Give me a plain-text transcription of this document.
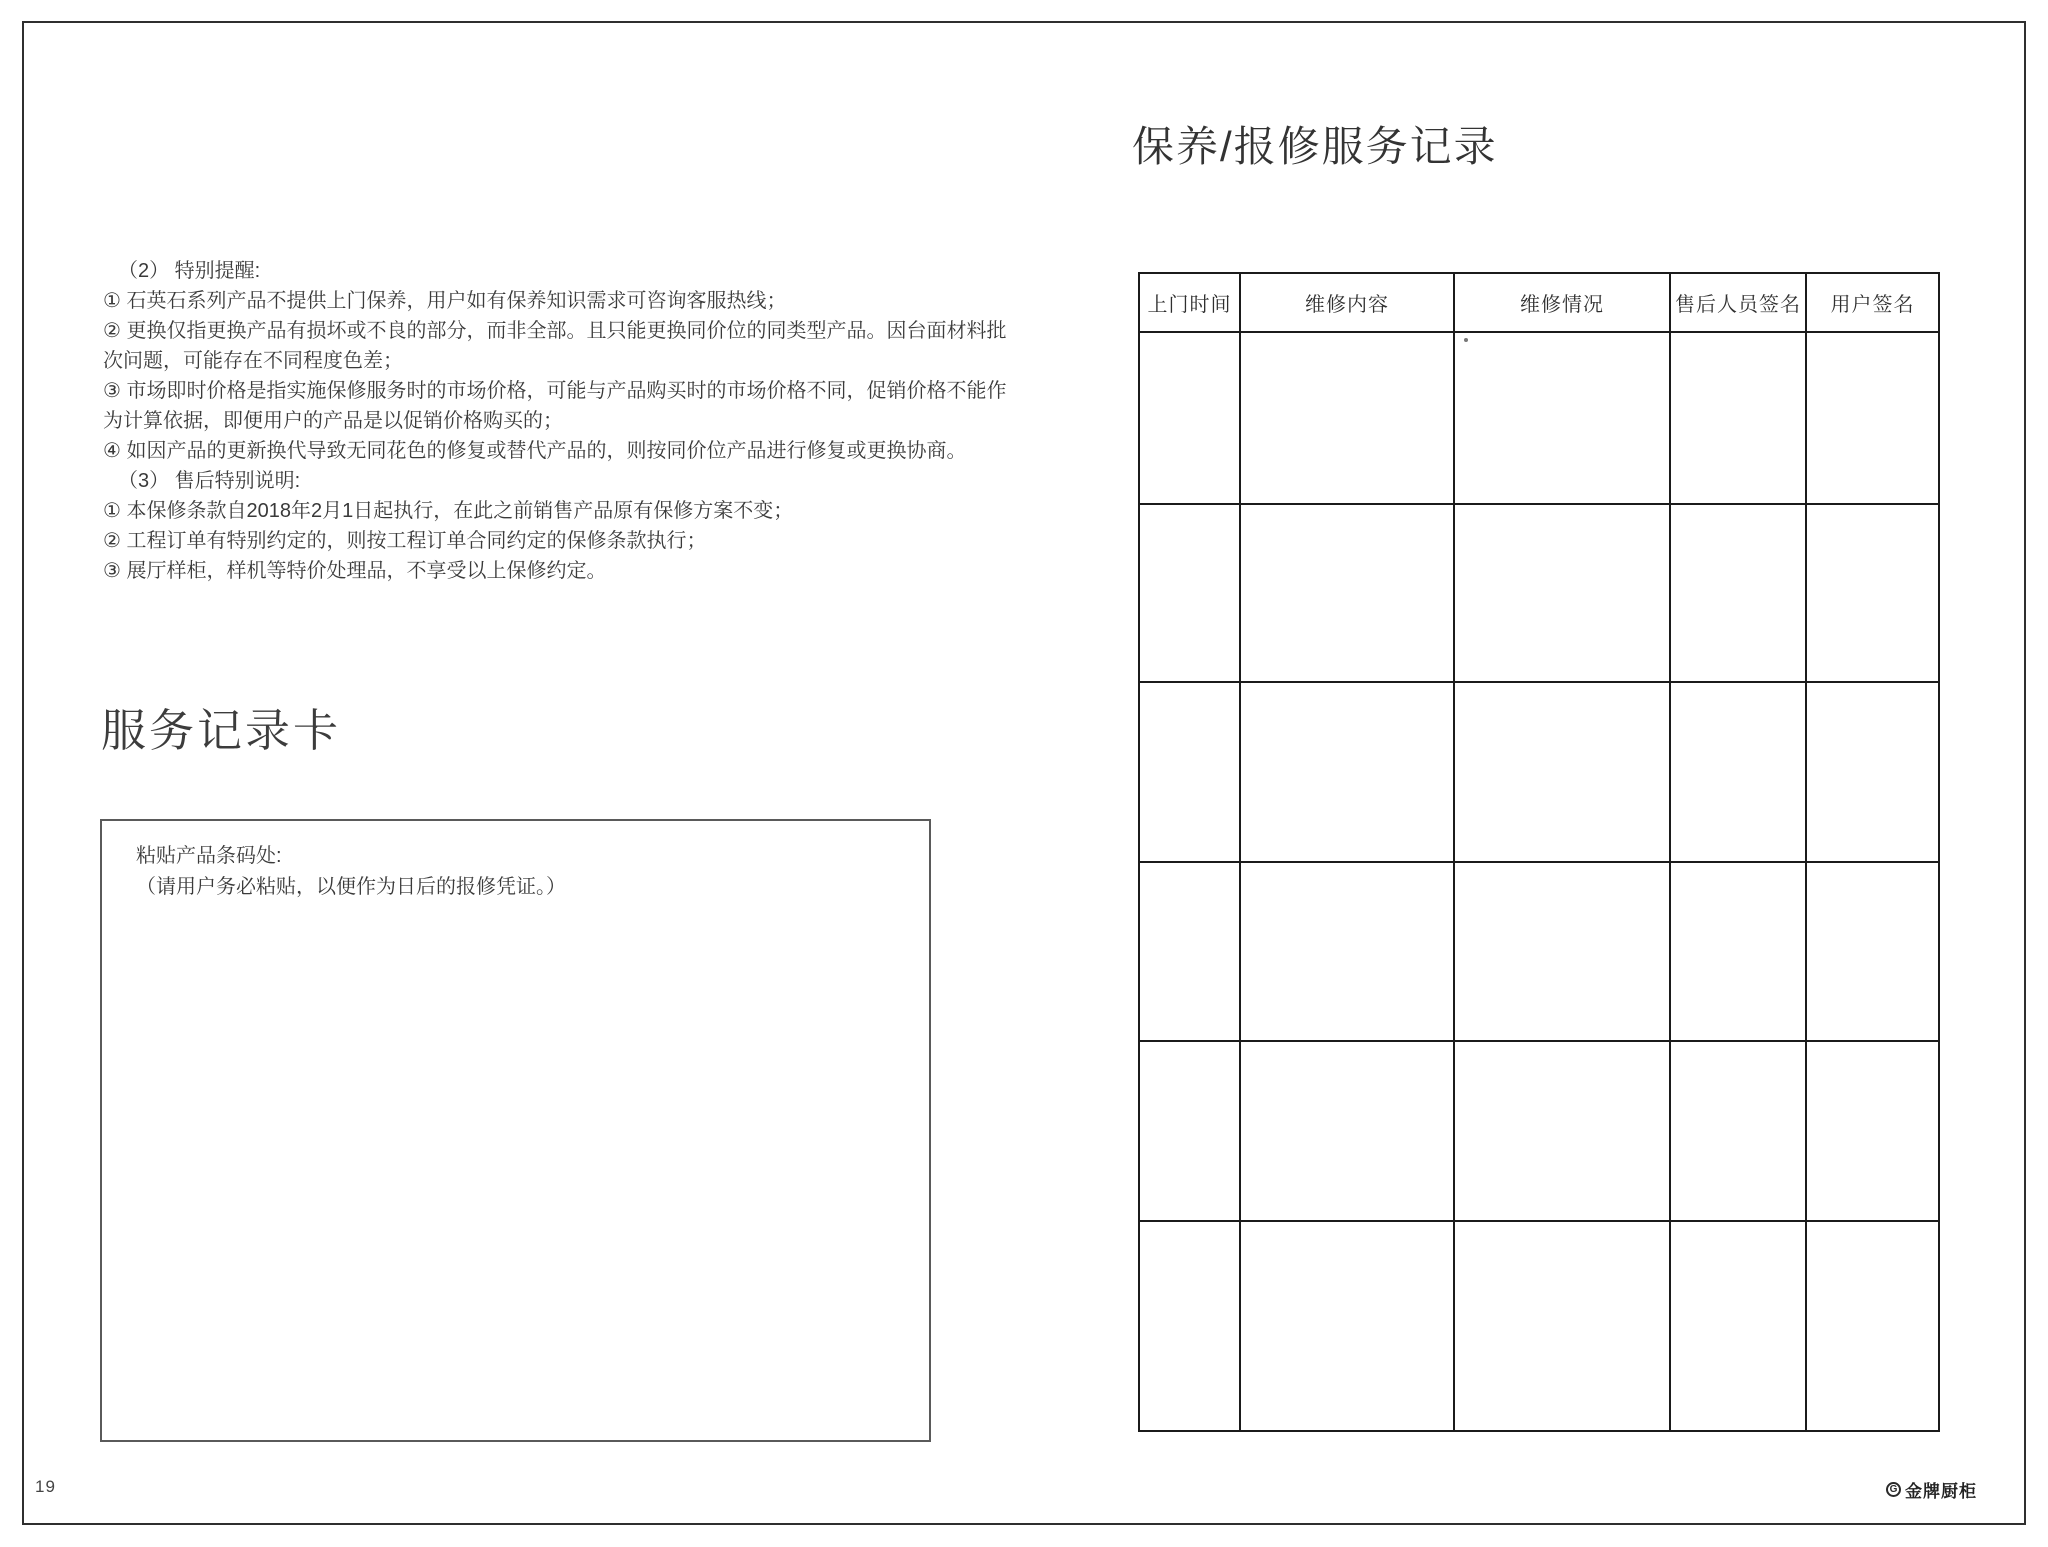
（2） 特别提醒:
① 石英石系列产品不提供上门保养，用户如有保养知识需求可咨询客服热线；
② 更换仅指更换产品有损坏或不良的部分，而非全部。且只能更换同价位的同类型产品。因台面材料批
次问题，可能存在不同程度色差；
③ 市场即时价格是指实施保修服务时的市场价格，可能与产品购买时的市场价格不同，促销价格不能作
为计算依据，即便用户的产品是以促销价格购买的；
④ 如因产品的更新换代导致无同花色的修复或替代产品的，则按同价位产品进行修复或更换协商。
（3） 售后特别说明:
① 本保修条款自2018年2月1日起执行，在此之前销售产品原有保修方案不变；
② 工程订单有特别约定的，则按工程订单合同约定的保修条款执行；
③ 展厅样柜，样机等特价处理品，不享受以上保修约定。
服务记录卡
粘贴产品条码处:
（请用户务必粘贴，以便作为日后的报修凭证。）
19
保养/报修服务记录
上门时间	维修内容	维修情况	售后人员签名	用户签名

G 金牌厨柜
